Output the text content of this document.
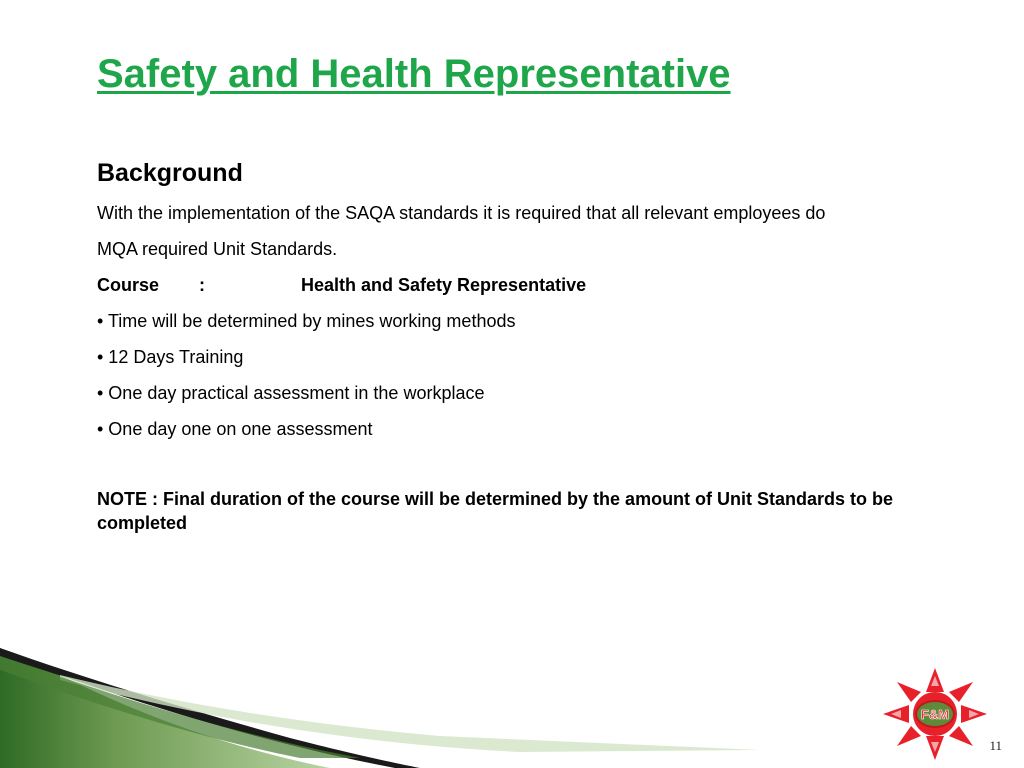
Safety and Health Representative
Background
With the implementation of the SAQA standards it is required that all relevant employees do
MQA required Unit Standards.
Course :	Health and Safety Representative
• Time will be determined by mines working methods
• 12 Days Training
• One day practical assessment in the workplace
• One day one on one assessment
NOTE : Final duration of the course will be determined by the amount of Unit Standards to be completed
F&M
11
